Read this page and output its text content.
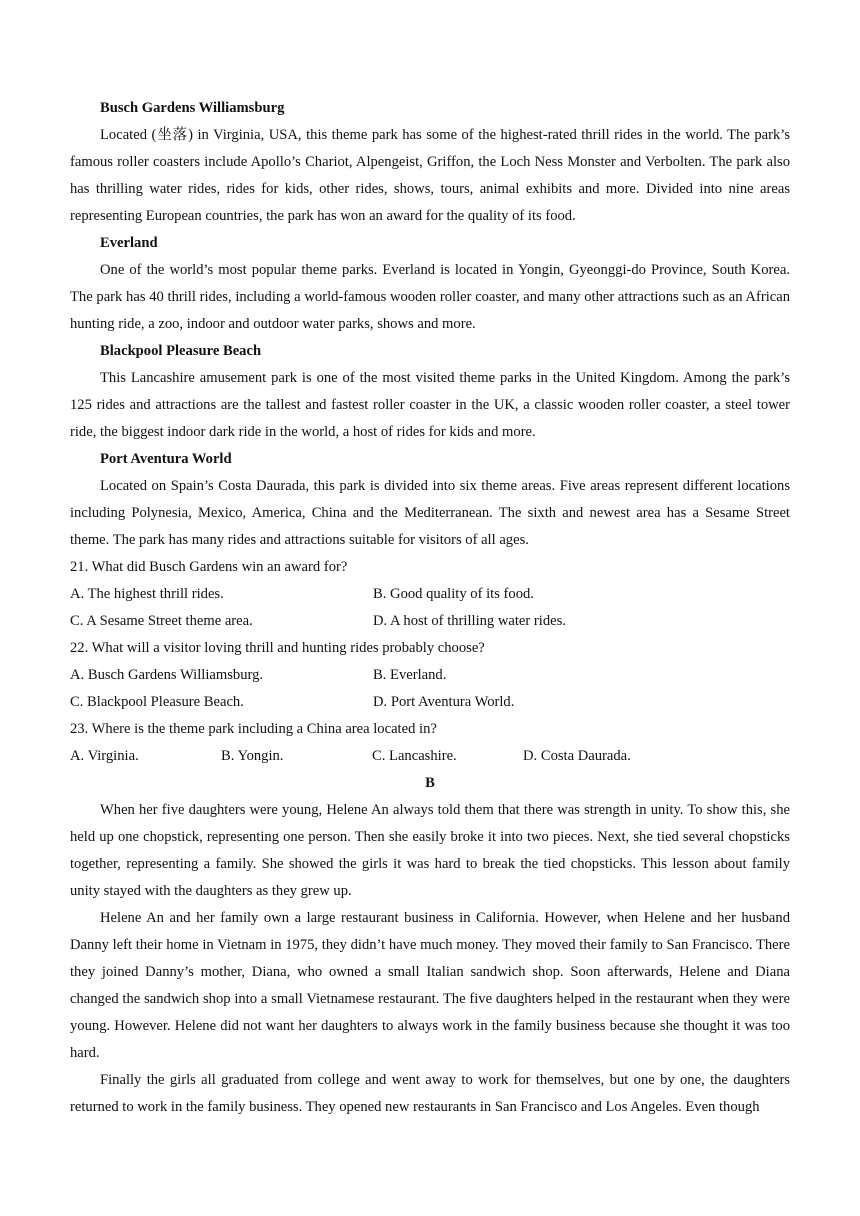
Busch Gardens Williamsburg

Located (坐落) in Virginia, USA, this theme park has some of the highest-rated thrill rides in the world. The park’s famous roller coasters include Apollo’s Chariot, Alpengeist, Griffon, the Loch Ness Monster and Verbolten. The park also has thrilling water rides, rides for kids, other rides, shows, tours, animal exhibits and more. Divided into nine areas representing European countries, the park has won an award for the quality of its food.

Everland

One of the world’s most popular theme parks. Everland is located in Yongin, Gyeonggi-do Province, South Korea. The park has 40 thrill rides, including a world-famous wooden roller coaster, and many other attractions such as an African hunting ride, a zoo, indoor and outdoor water parks, shows and more.

Blackpool Pleasure Beach

This Lancashire amusement park is one of the most visited theme parks in the United Kingdom. Among the park’s 125 rides and attractions are the tallest and fastest roller coaster in the UK, a classic wooden roller coaster, a steel tower ride, the biggest indoor dark ride in the world, a host of rides for kids and more.

Port Aventura World

Located on Spain’s Costa Daurada, this park is divided into six theme areas. Five areas represent different locations including Polynesia, Mexico, America, China and the Mediterranean. The sixth and newest area has a Sesame Street theme. The park has many rides and attractions suitable for visitors of all ages.

21. What did Busch Gardens win an award for?
A. The highest thrill rides.	B. Good quality of its food.
C. A Sesame Street theme area.	D. A host of thrilling water rides.
22. What will a visitor loving thrill and hunting rides probably choose?
A. Busch Gardens Williamsburg.	B. Everland.
C. Blackpool Pleasure Beach.	D. Port Aventura World.
23. Where is the theme park including a China area located in?
A. Virginia.	B. Yongin.	C. Lancashire.	D. Costa Daurada.
B

When her five daughters were young, Helene An always told them that there was strength in unity. To show this, she held up one chopstick, representing one person. Then she easily broke it into two pieces. Next, she tied several chopsticks together, representing a family. She showed the girls it was hard to break the tied chopsticks. This lesson about family unity stayed with the daughters as they grew up.

Helene An and her family own a large restaurant business in California. However, when Helene and her husband Danny left their home in Vietnam in 1975, they didn’t have much money. They moved their family to San Francisco. There they joined Danny’s mother, Diana, who owned a small Italian sandwich shop. Soon afterwards, Helene and Diana changed the sandwich shop into a small Vietnamese restaurant. The five daughters helped in the restaurant when they were young. However. Helene did not want her daughters to always work in the family business because she thought it was too hard.

Finally the girls all graduated from college and went away to work for themselves, but one by one, the daughters returned to work in the family business. They opened new restaurants in San Francisco and Los Angeles. Even though
